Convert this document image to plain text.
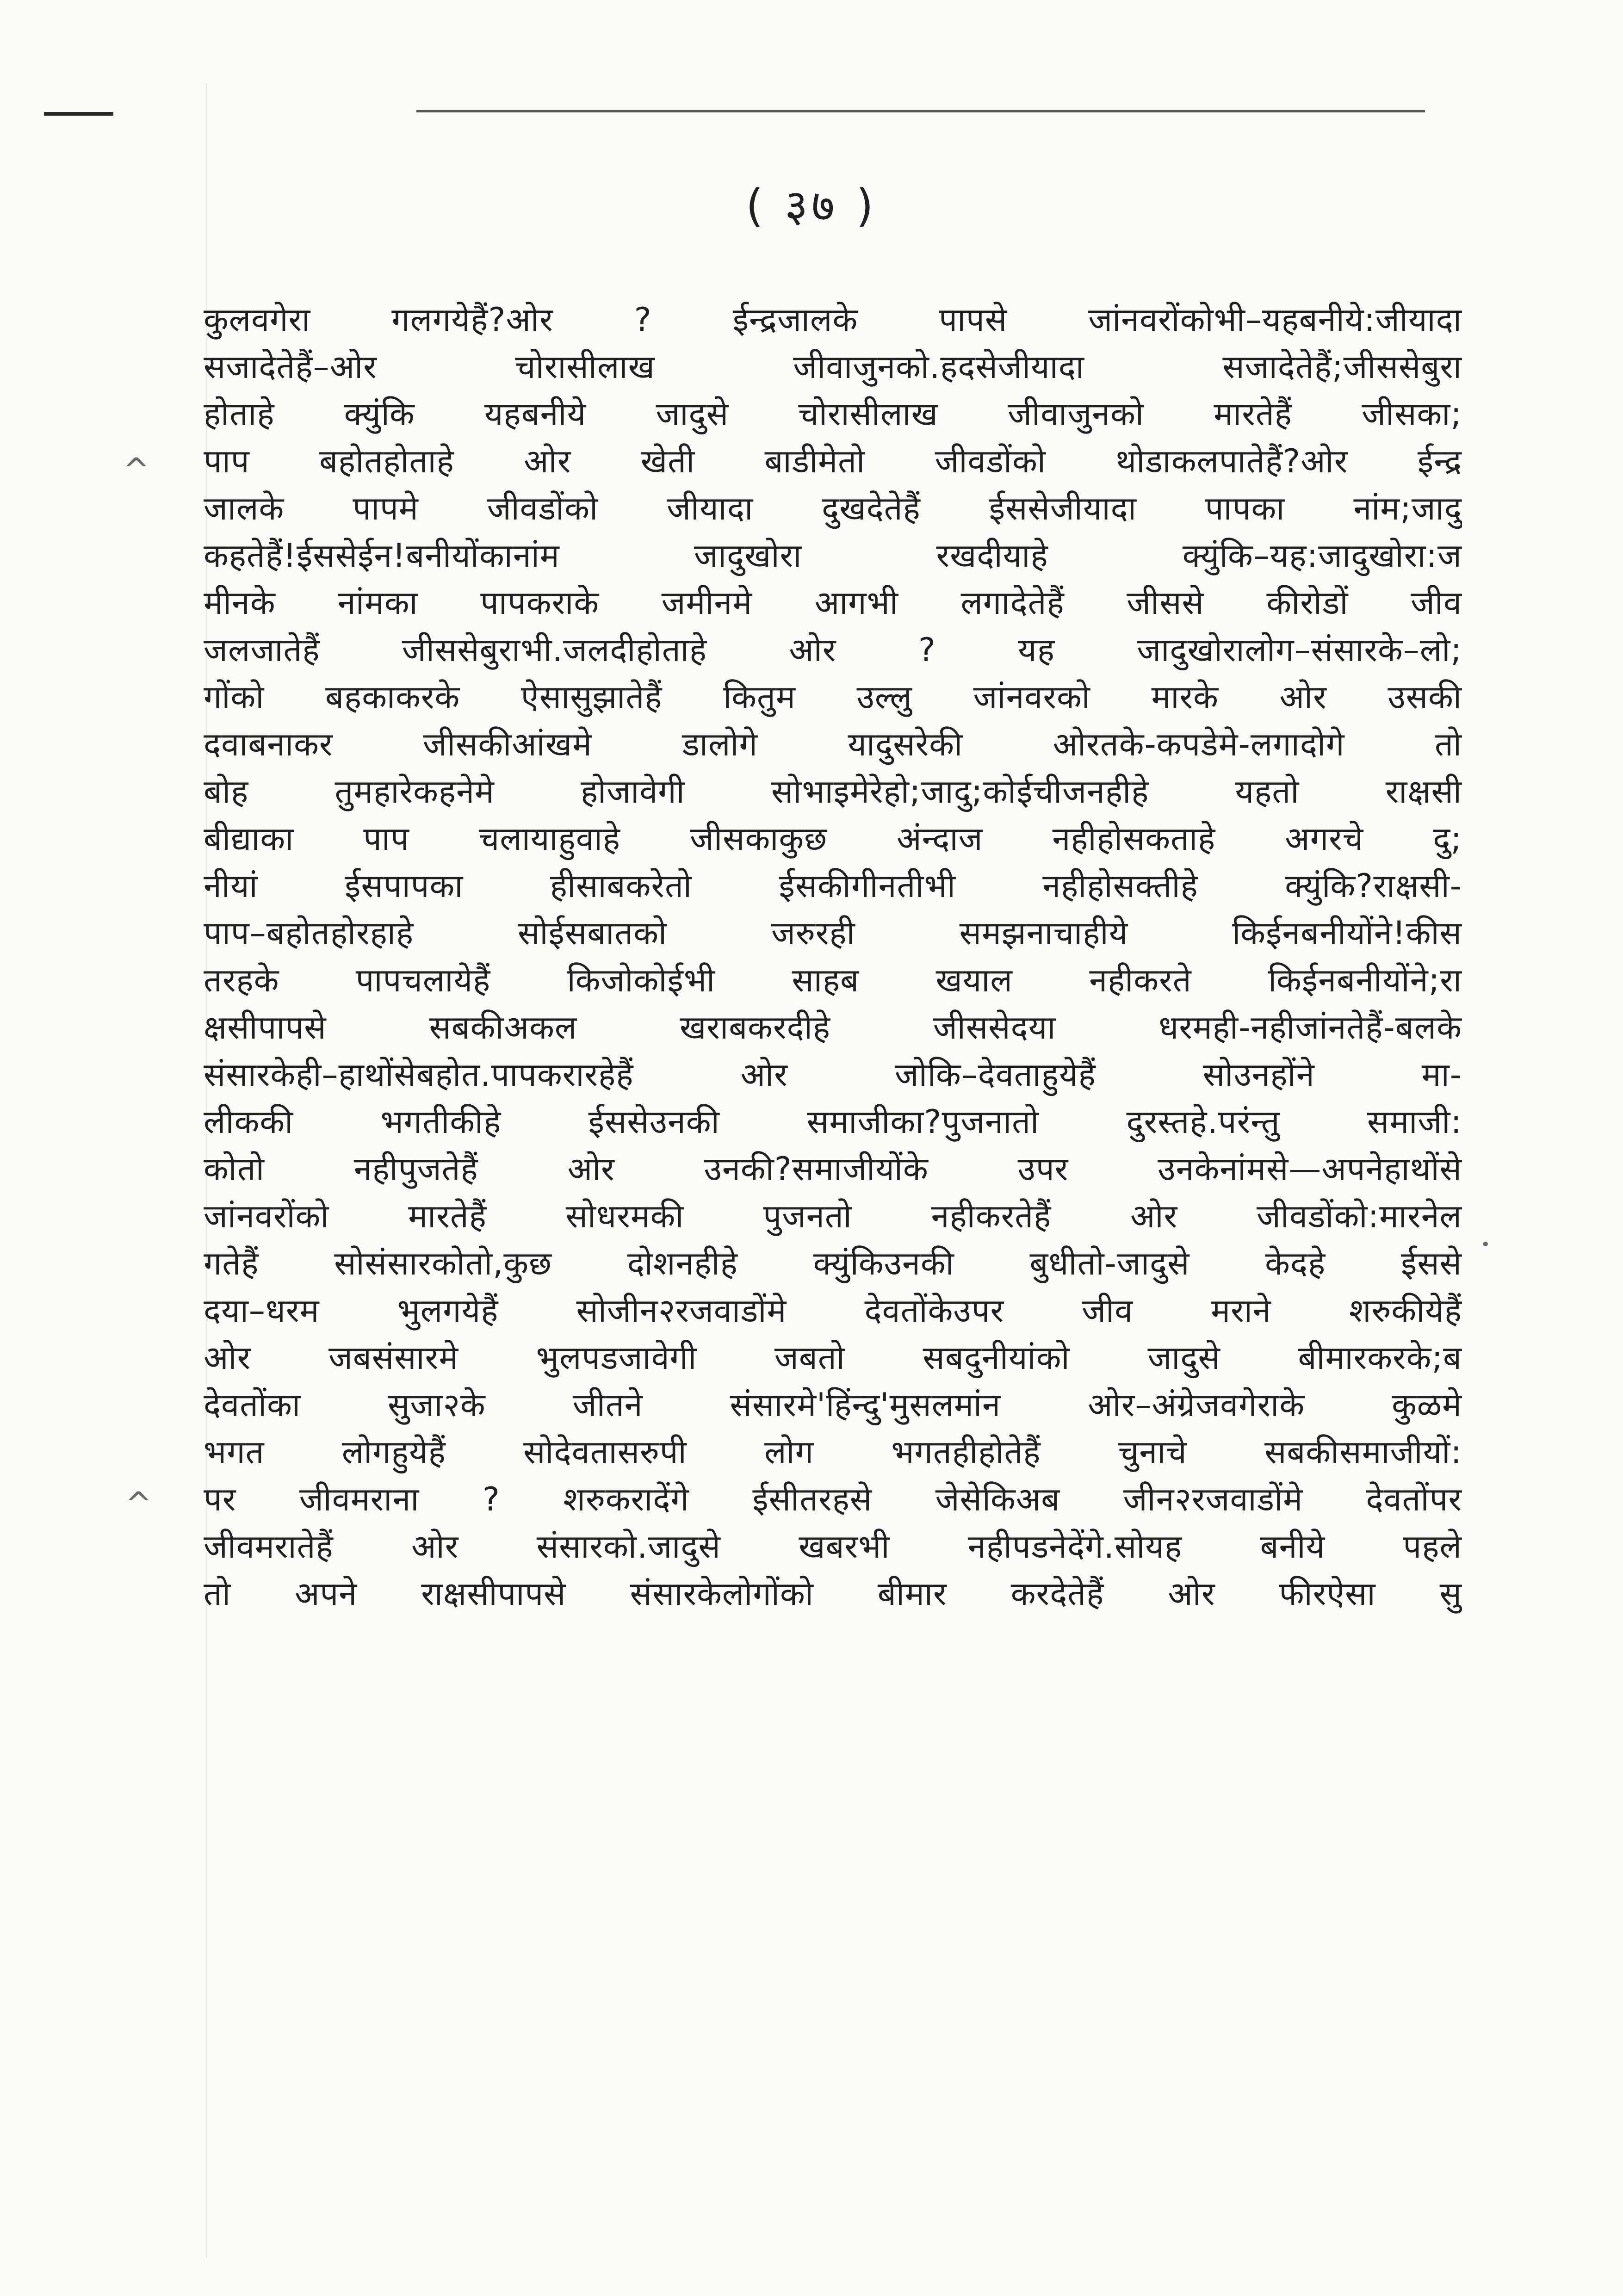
( ३७ )
^
^
•
कुलवगेरा गलगयेहैं?ओर ? ईन्द्रजालके पापसे जांनवरोंकोभी–यहबनीये:जीयादा
सजादेतेहैं–ओर चोरासीलाख जीवाजुनको.हदसेजीयादा सजादेतेहैं;जीससेबुरा
होताहे क्युंकि यहबनीये जादुसे चोरासीलाख जीवाजुनको मारतेहैं जीसका;
पाप बहोतहोताहे ओर खेती बाडीमेतो जीवडोंको थोडाकलपातेहैं?ओर ईन्द्र
जालके पापमे जीवडोंको जीयादा दुखदेतेहैं ईससेजीयादा पापका नांम;जादु
कहतेहैं!ईससेईन!बनीयोंकानांम जादुखोरा रखदीयाहे क्युंकि–यह:जादुखोरा:ज
मीनके नांमका पापकराके जमीनमे आगभी लगादेतेहैं जीससे कीरोडों जीव
जलजातेहैं जीससेबुराभी.जलदीहोताहे ओर ? यह जादुखोरालोग–संसारके–लो;
गोंको बहकाकरके ऐसासुझातेहैं कितुम उल्लु जांनवरको मारके ओर उसकी
दवाबनाकर जीसकीआंखमे डालोगे यादुसरेकी ओरतके-कपडेमे-लगादोगे तो
बोह तुमहारेकहनेमे होजावेगी सोभाइमेरेहो;जादु;कोईचीजनहीहे यहतो राक्षसी
बीद्याका पाप चलायाहुवाहे जीसकाकुछ अंन्दाज नहीहोसकताहे अगरचे दु;
नीयां ईसपापका हीसाबकरेतो ईसकीगीनतीभी नहीहोसक्तीहे क्युंकि?राक्षसी-
पाप–बहोतहोरहाहे सोईसबातको जरुरही समझनाचाहीये किईनबनीयोंने!कीस
तरहके पापचलायेहैं किजोकोईभी साहब खयाल नहीकरते किईनबनीयोंने;रा
क्षसीपापसे सबकीअकल खराबकरदीहे जीससेदया धरमही-नहीजांनतेहैं-बलके
संसारकेही–हाथोंसेबहोत.पापकरारहेहैं ओर जोकि–देवताहुयेहैं सोउनहोंने मा-
लीककी भगतीकीहे ईससेउनकी समाजीका?पुजनातो दुरस्तहे.परंन्तु समाजी:
कोतो नहीपुजतेहैं ओर उनकी?समाजीयोंके उपर उनकेनांमसे—अपनेहाथोंसे
जांनवरोंको मारतेहैं सोधरमकी पुजनतो नहीकरतेहैं ओर जीवडोंको:मारनेल
गतेहैं सोसंसारकोतो,कुछ दोशनहीहे क्युंकिउनकी बुधीतो-जादुसे केदहे ईससे
दया–धरम भुलगयेहैं सोजीन२रजवाडोंमे देवतोंकेउपर जीव मराने शरुकीयेहैं
ओर जबसंसारमे भुलपडजावेगी जबतो सबदुनीयांको जादुसे बीमारकरके;ब
देवतोंका सुजा२के जीतने संसारमे'हिंन्दु'मुसलमांन ओर–अंग्रेजवगेराके कुळमे
भगत लोगहुयेहैं सोदेवतासरुपी लोग भगतहीहोतेहैं चुनाचे सबकीसमाजीयों:
पर जीवमराना ? शरुकरादेंगे ईसीतरहसे जेसेकिअब जीन२रजवाडोंमे देवतोंपर
जीवमरातेहैं ओर संसारको.जादुसे खबरभी नहीपडनेदेंगे.सोयह बनीये पहले
तो अपने राक्षसीपापसे संसारकेलोगोंको बीमार करदेतेहैं ओर फीरऐसा सु
